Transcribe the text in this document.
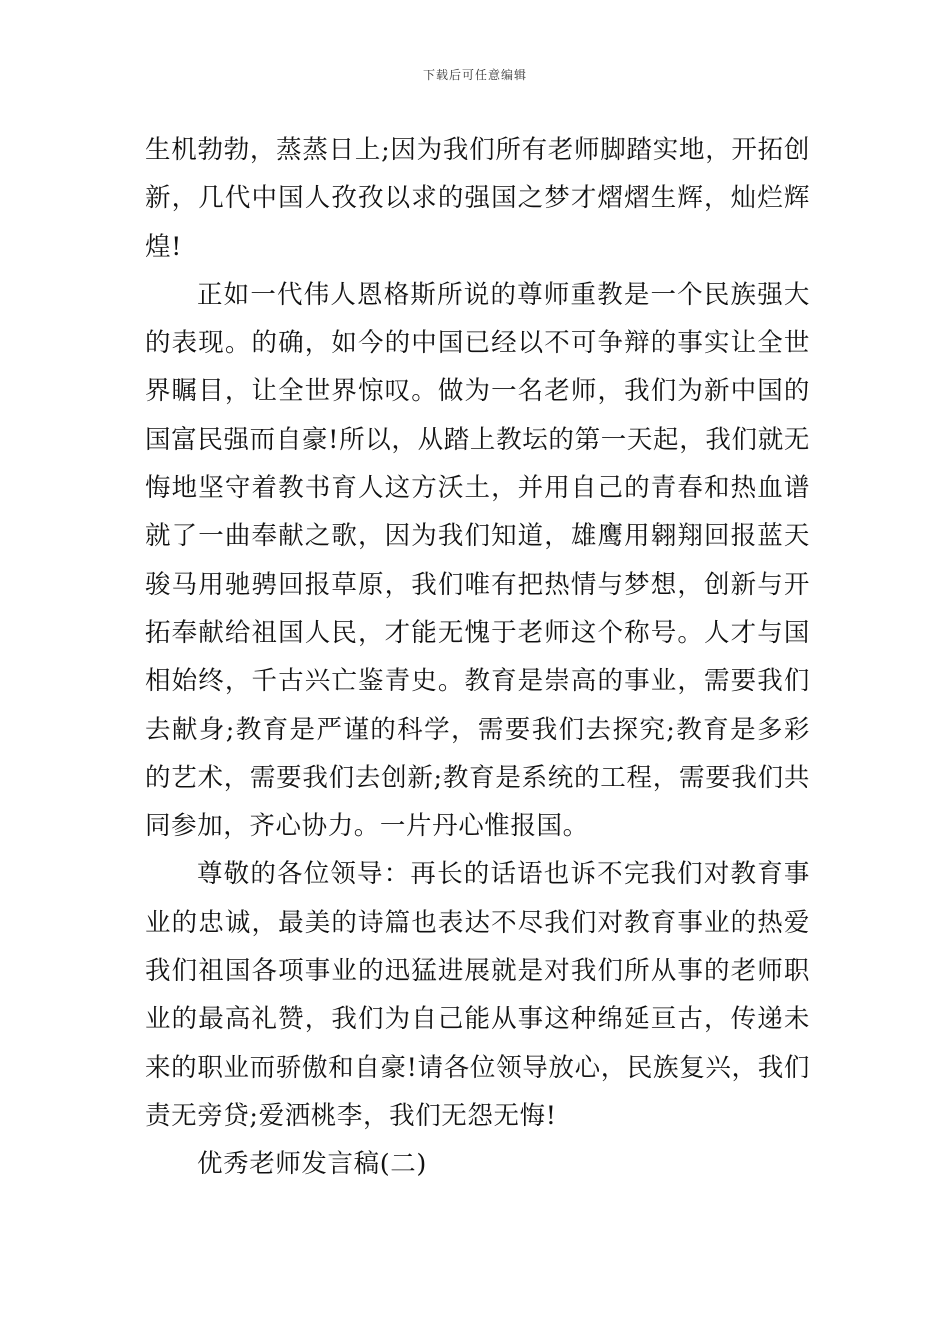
下载后可任意编辑

生机勃勃，蒸蒸日上;因为我们所有老师脚踏实地，开拓创新，几代中国人孜孜以求的强国之梦才熠熠生辉，灿烂辉煌!

正如一代伟人恩格斯所说的尊师重教是一个民族强大的表现。的确，如今的中国已经以不可争辩的事实让全世界瞩目，让全世界惊叹。做为一名老师，我们为新中国的国富民强而自豪!所以，从踏上教坛的第一天起，我们就无悔地坚守着教书育人这方沃土，并用自己的青春和热血谱就了一曲奉献之歌，因为我们知道，雄鹰用翱翔回报蓝天骏马用驰骋回报草原，我们唯有把热情与梦想，创新与开拓奉献给祖国人民，才能无愧于老师这个称号。人才与国相始终，千古兴亡鉴青史。教育是崇高的事业，需要我们去献身;教育是严谨的科学，需要我们去探究;教育是多彩的艺术，需要我们去创新;教育是系统的工程，需要我们共同参加，齐心协力。一片丹心惟报国。

尊敬的各位领导：再长的话语也诉不完我们对教育事业的忠诚，最美的诗篇也表达不尽我们对教育事业的热爱我们祖国各项事业的迅猛进展就是对我们所从事的老师职业的最高礼赞，我们为自己能从事这种绵延亘古，传递未来的职业而骄傲和自豪!请各位领导放心，民族复兴，我们责无旁贷;爱洒桃李，我们无怨无悔!

优秀老师发言稿(二)
